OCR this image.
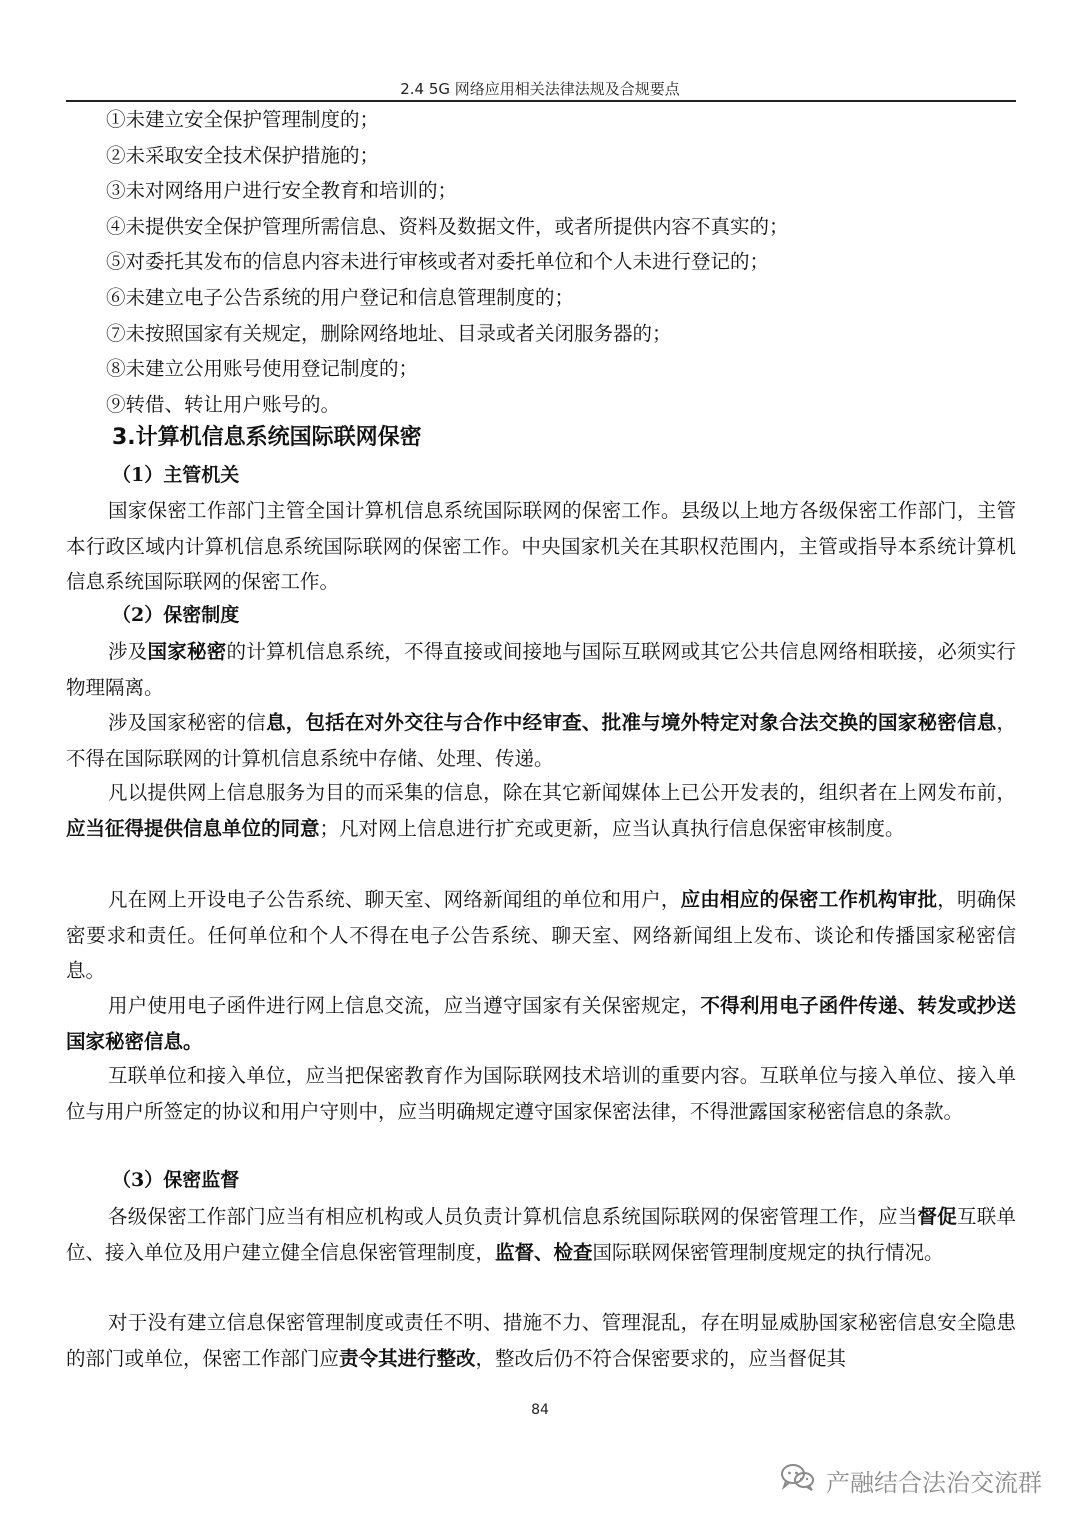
2.4 5G 网络应用相关法律法规及合规要点
①未建立安全保护管理制度的；
②未采取安全技术保护措施的；
③未对网络用户进行安全教育和培训的；
④未提供安全保护管理所需信息、资料及数据文件，或者所提供内容不真实的；
⑤对委托其发布的信息内容未进行审核或者对委托单位和个人未进行登记的；
⑥未建立电子公告系统的用户登记和信息管理制度的；
⑦未按照国家有关规定，删除网络地址、目录或者关闭服务器的；
⑧未建立公用账号使用登记制度的；
⑨转借、转让用户账号的。
3.计算机信息系统国际联网保密
（1）主管机关

国家保密工作部门主管全国计算机信息系统国际联网的保密工作。县级以上地方各级保密工作部门，主管本行政区域内计算机信息系统国际联网的保密工作。中央国家机关在其职权范围内，主管或指导本系统计算机信息系统国际联网的保密工作。

（2）保密制度

涉及国家秘密的计算机信息系统，不得直接或间接地与国际互联网或其它公共信息网络相联接，必须实行物理隔离。

涉及国家秘密的信息，包括在对外交往与合作中经审查、批准与境外特定对象合法交换的国家秘密信息，不得在国际联网的计算机信息系统中存储、处理、传递。

凡以提供网上信息服务为目的而采集的信息，除在其它新闻媒体上已公开发表的，组织者在上网发布前，应当征得提供信息单位的同意；凡对网上信息进行扩充或更新，应当认真执行信息保密审核制度。

凡在网上开设电子公告系统、聊天室、网络新闻组的单位和用户，应由相应的保密工作机构审批，明确保密要求和责任。任何单位和个人不得在电子公告系统、聊天室、网络新闻组上发布、谈论和传播国家秘密信息。

用户使用电子函件进行网上信息交流，应当遵守国家有关保密规定，不得利用电子函件传递、转发或抄送国家秘密信息。

互联单位和接入单位，应当把保密教育作为国际联网技术培训的重要内容。互联单位与接入单位、接入单位与用户所签定的协议和用户守则中，应当明确规定遵守国家保密法律，不得泄露国家秘密信息的条款。

（3）保密监督

各级保密工作部门应当有相应机构或人员负责计算机信息系统国际联网的保密管理工作，应当督促互联单位、接入单位及用户建立健全信息保密管理制度，监督、检查国际联网保密管理制度规定的执行情况。

对于没有建立信息保密管理制度或责任不明、措施不力、管理混乱，存在明显威胁国家秘密信息安全隐患的部门或单位，保密工作部门应责令其进行整改，整改后仍不符合保密要求的，应当督促其

84
产融结合法治交流群
